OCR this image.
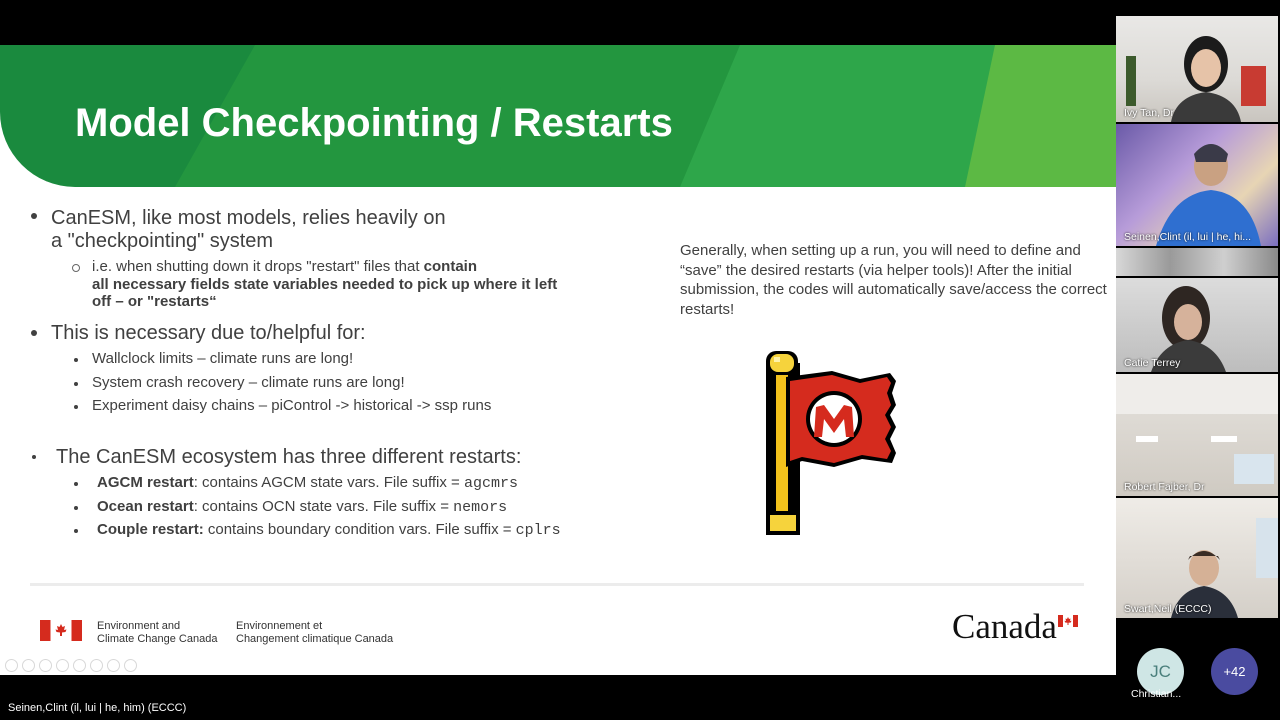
Model Checkpointing / Restarts
CanESM, like most models, relies heavily on
a "checkpointing" system
i.e. when shutting down it drops "restart" files that contain
all necessary fields state variables needed to pick up where it left
off – or "restarts“
This is necessary due to/helpful for:
Wallclock limits – climate runs are long!
System crash recovery – climate runs are long!
Experiment daisy chains – piControl -> historical -> ssp runs
The CanESM ecosystem has three different restarts:
AGCM restart: contains AGCM state vars. File suffix = agcmrs
Ocean restart: contains OCN state vars. File suffix = nemors
Couple restart: contains boundary condition vars. File suffix = cplrs
Generally, when setting up a run, you will need to define and “save” the desired restarts (via helper tools)! After the initial submission, the codes will automatically save/access the correct restarts!
Environment and
Climate Change Canada
Environnement et
Changement climatique Canada	Canada
Ivy Tan, Dr
Seinen,Clint (il, lui | he, hi...
Catie Terrey
Robert Fajber, Dr
Swart,Neil (ECCC)
Seinen,Clint (il, lui | he, him) (ECCC)
JC
Christian...
+42
